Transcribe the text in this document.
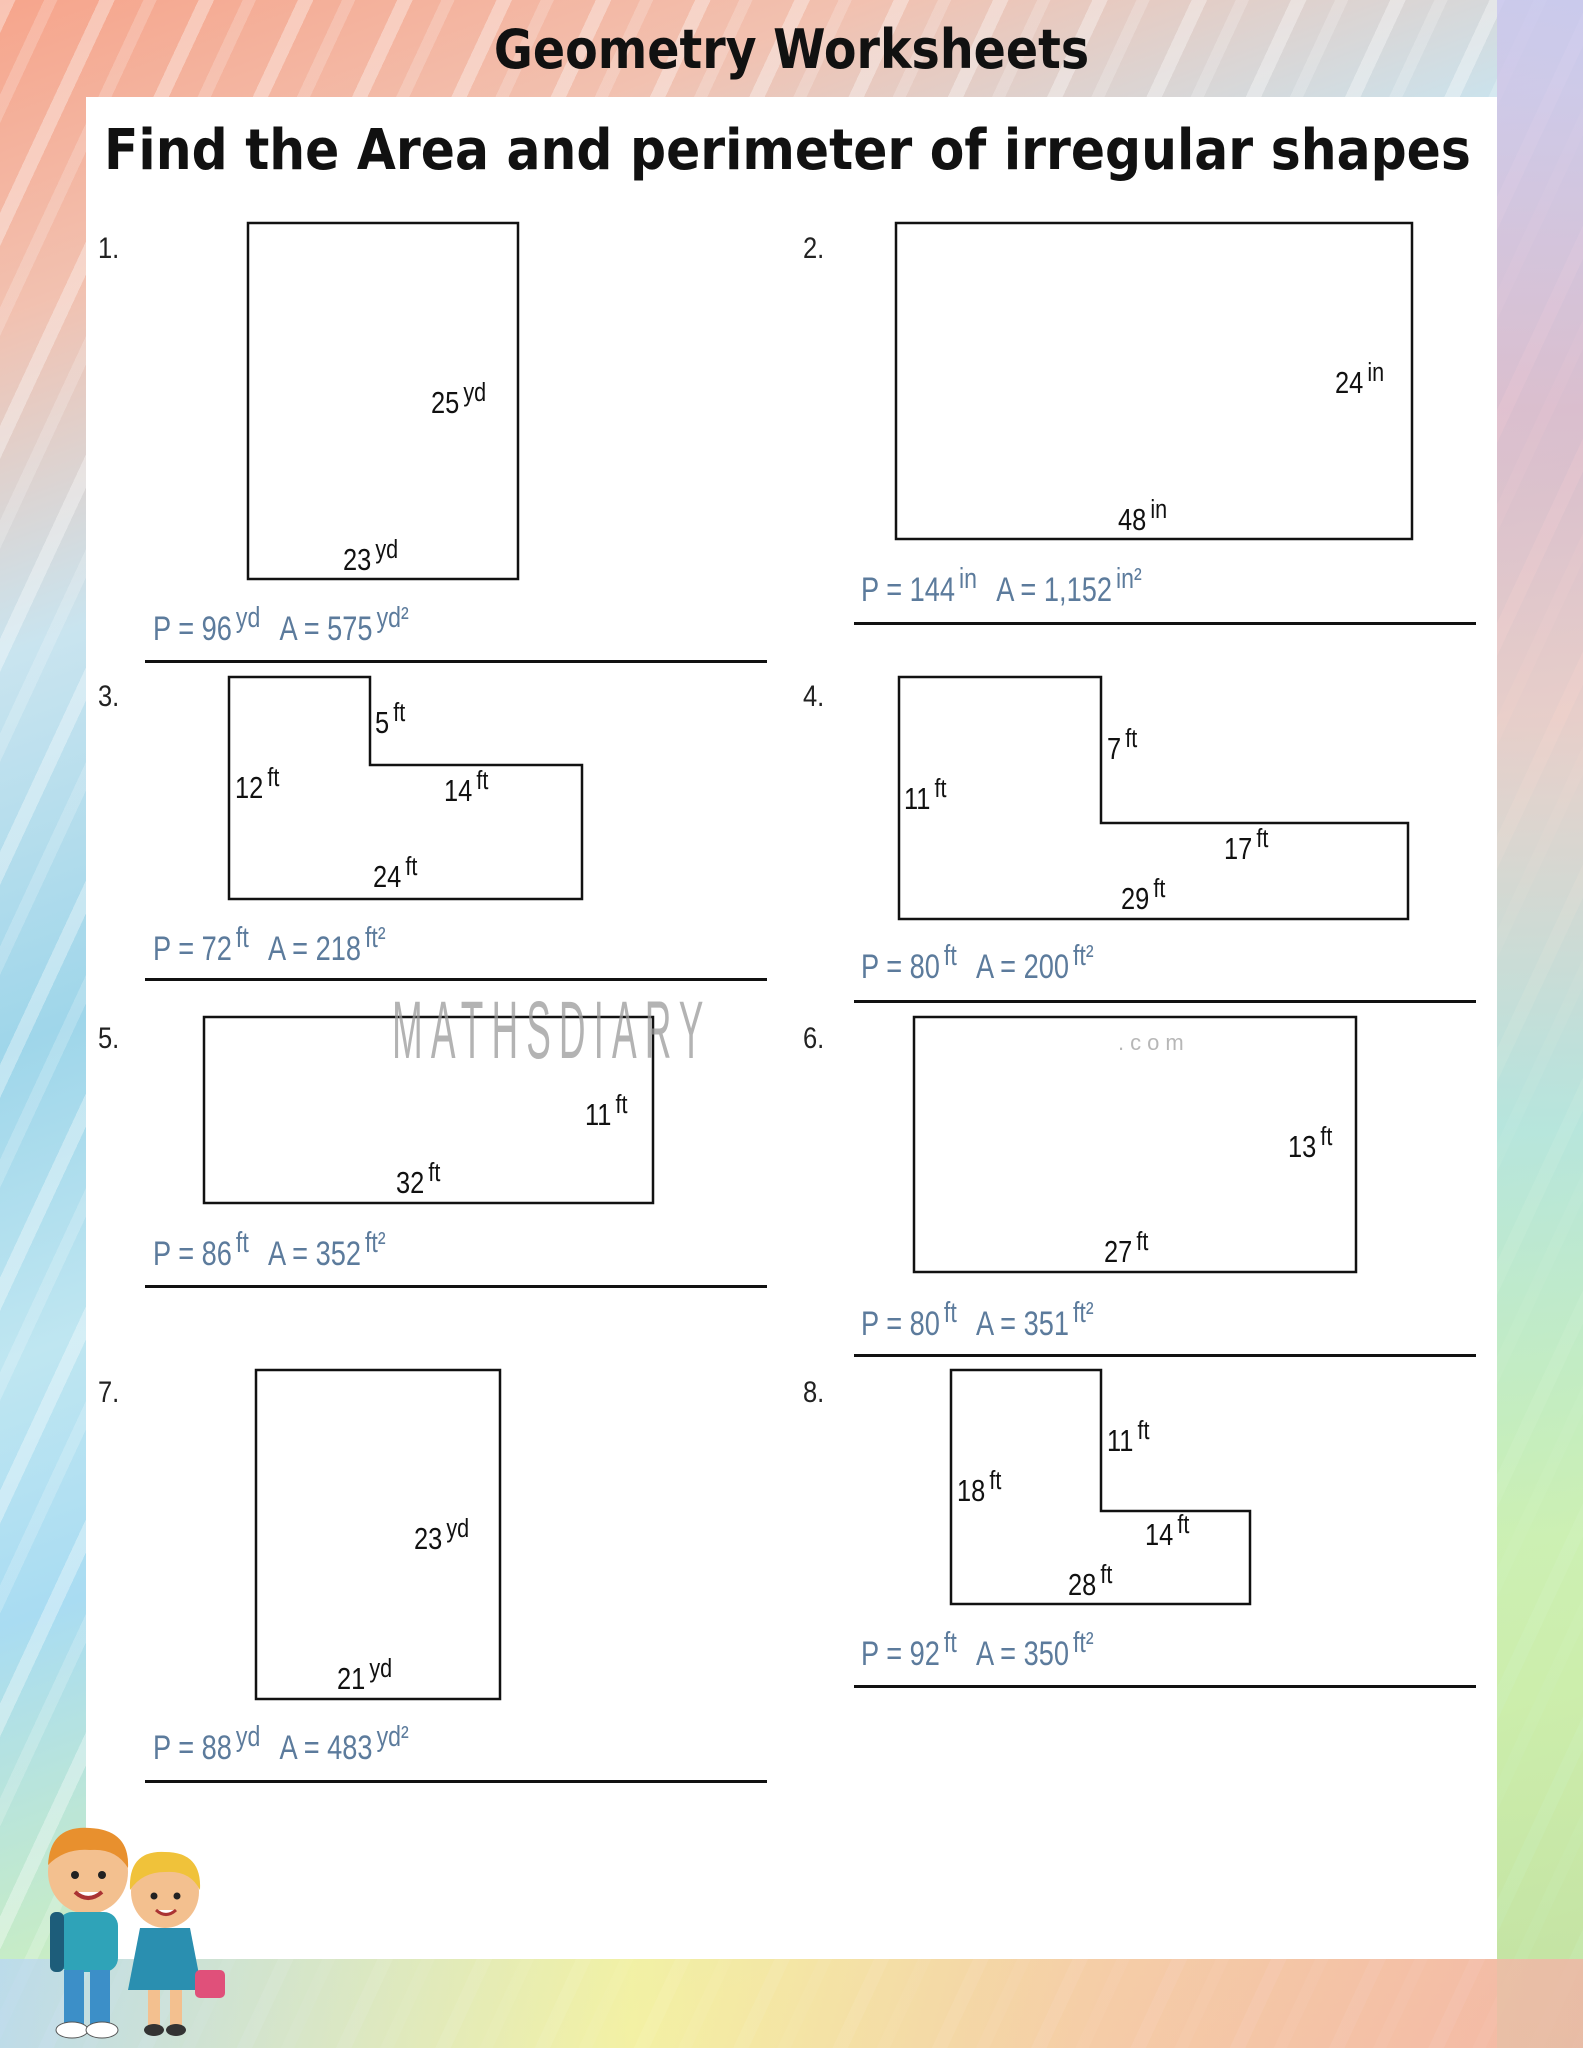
Geometry Worksheets
Find the Area and perimeter of irregular shapes
1.
25 $^{yd}$
23 $^{yd}$
P = 96 $^{yd}$ A = 575 $^{yd^2}$
2.
24 $^{in}$
48 $^{in}$
P = 144 $^{in}$ A = 1,152 $^{in^2}$
3.
5 $^{ft}$
12 $^{ft}$	14 $^{ft}$
24 $^{ft}$
P = 72 $^{ft}$ A = 218 $^{ft^2}$
4.
7 $^{ft}$
11 $^{ft}$
17 $^{ft}$
29 $^{ft}$
P = 80 $^{ft}$ A = 200 $^{ft^2}$
5.
11 $^{ft}$
32 $^{ft}$
P = 86 $^{ft}$ A = 352 $^{ft^2}$
6.
13 $^{ft}$
27 $^{ft}$
P = 80 $^{ft}$ A = 351 $^{ft^2}$
7.
23 $^{yd}$
21 $^{yd}$
P = 88 $^{yd}$ A = 483 $^{yd^2}$
8.
11 $^{ft}$
18 $^{ft}$
14 $^{ft}$
28 $^{ft}$
P = 92 $^{ft}$ A = 350 $^{ft^2}$
MATHSDIARY	.com
